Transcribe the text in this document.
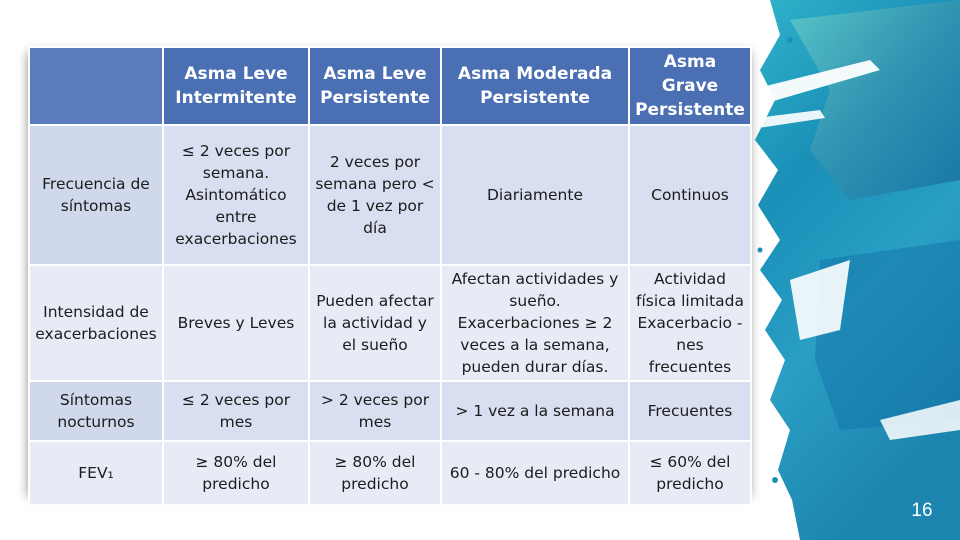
	Asma Leve Intermitente	Asma Leve Persistente	Asma Moderada Persistente	Asma Grave Persistente
Frecuencia de síntomas	≤ 2 veces por semana. Asintomático entre exacerbaciones	2 veces por semana pero < de 1 vez por día	Diariamente	Continuos
Intensidad de exacerbaciones	Breves y Leves	Pueden afectar la actividad y el sueño	Afectan actividades y sueño. Exacerbaciones ≥ 2 veces a la semana, pueden durar días.	Actividad física limitada Exacerbacio - nes frecuentes
Síntomas nocturnos	≤ 2 veces por mes	> 2 veces por mes	> 1 vez a la semana	Frecuentes
FEV₁	≥ 80% del predicho	≥ 80% del predicho	60 - 80% del predicho	≤ 60% del predicho
16
